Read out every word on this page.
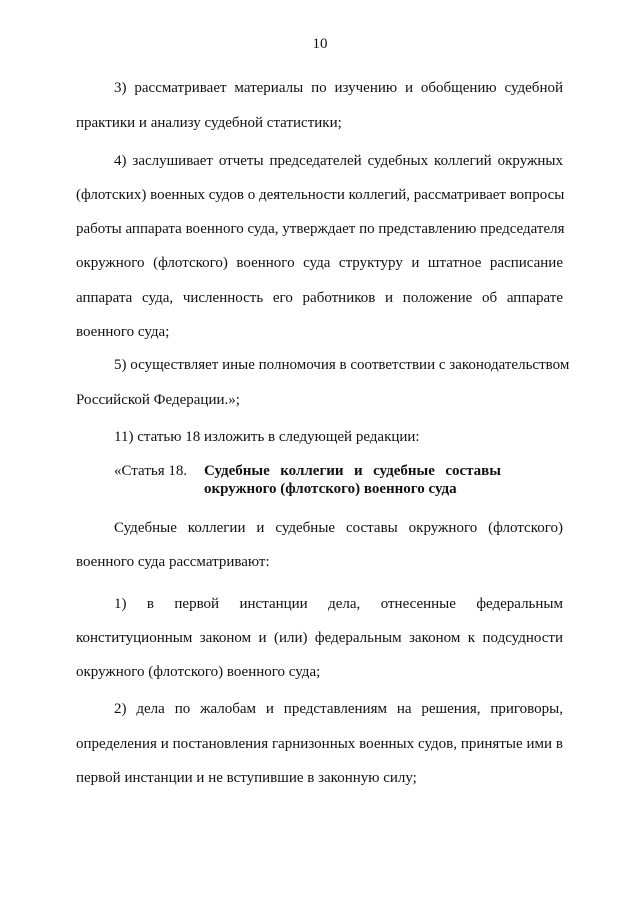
10
3) рассматривает материалы по изучению и обобщению судебной
практики и анализу судебной статистики;
4) заслушивает отчеты председателей судебных коллегий окружных
(флотских) военных судов о деятельности коллегий, рассматривает вопросы
работы аппарата военного суда, утверждает по представлению председателя
окружного (флотского) военного суда структуру и штатное расписание
аппарата суда, численность его работников и положение об аппарате
военного суда;
5) осуществляет иные полномочия в соответствии с законодательством
Российской Федерации.»;
11) статью 18 изложить в следующей редакции:
«Статья 18.	Судебные коллегии и судебные составы
окружного (флотского) военного суда
Судебные коллегии и судебные составы окружного (флотского)
военного суда рассматривают:
1) в первой инстанции дела, отнесенные федеральным
конституционным законом и (или) федеральным законом к подсудности
окружного (флотского) военного суда;
2) дела по жалобам и представлениям на решения, приговоры,
определения и постановления гарнизонных военных судов, принятые ими в
первой инстанции и не вступившие в законную силу;
